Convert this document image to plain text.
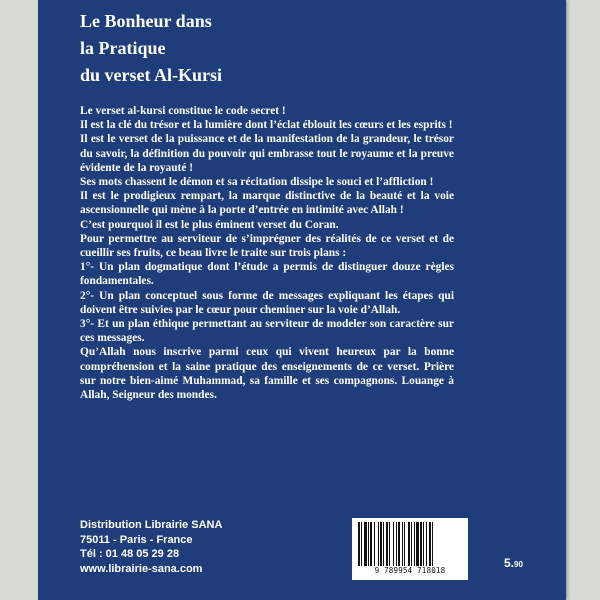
Le Bonheur dans
la Pratique
du verset Al-Kursi

Le verset al-kursi constitue le code secret !

Il est la clé du trésor et la lumière dont l’éclat éblouit les cœurs et les esprits !

Il est le verset de la puissance et de la manifestation de la grandeur, le trésor du savoir, la définition du pouvoir qui embrasse tout le royaume et la preuve évidente de la royauté !

Ses mots chassent le démon et sa récitation dissipe le souci et l’affliction !

Il est le prodigieux rempart, la marque distinctive de la beauté et la voie ascensionnelle qui mène à la porte d’entrée en intimité avec Allah !

C’est pourquoi il est le plus éminent verset du Coran.

Pour permettre au serviteur de s’imprégner des réalités de ce verset et de cueillir ses fruits, ce beau livre le traite sur trois plans :

1°- Un plan dogmatique dont l’étude a permis de distinguer douze règles fondamentales.

2°- Un plan conceptuel sous forme de messages expliquant les étapes qui doivent être suivies par le cœur pour cheminer sur la voie d’Allah.

3°- Et un plan éthique permettant au serviteur de modeler son caractère sur ces messages.

Qu’Allah nous inscrive parmi ceux qui vivent heureux par la bonne compréhension et la saine pratique des enseignements de ce verset. Prière sur notre bien-aimé Muhammad, sa famille et ses compagnons. Louange à Allah, Seigneur des mondes.

Distribution Librairie SANA
75011 - Paris - France
Tél : 01 48 05 29 28
www.librairie-sana.com	9 789954 718018
5.90
